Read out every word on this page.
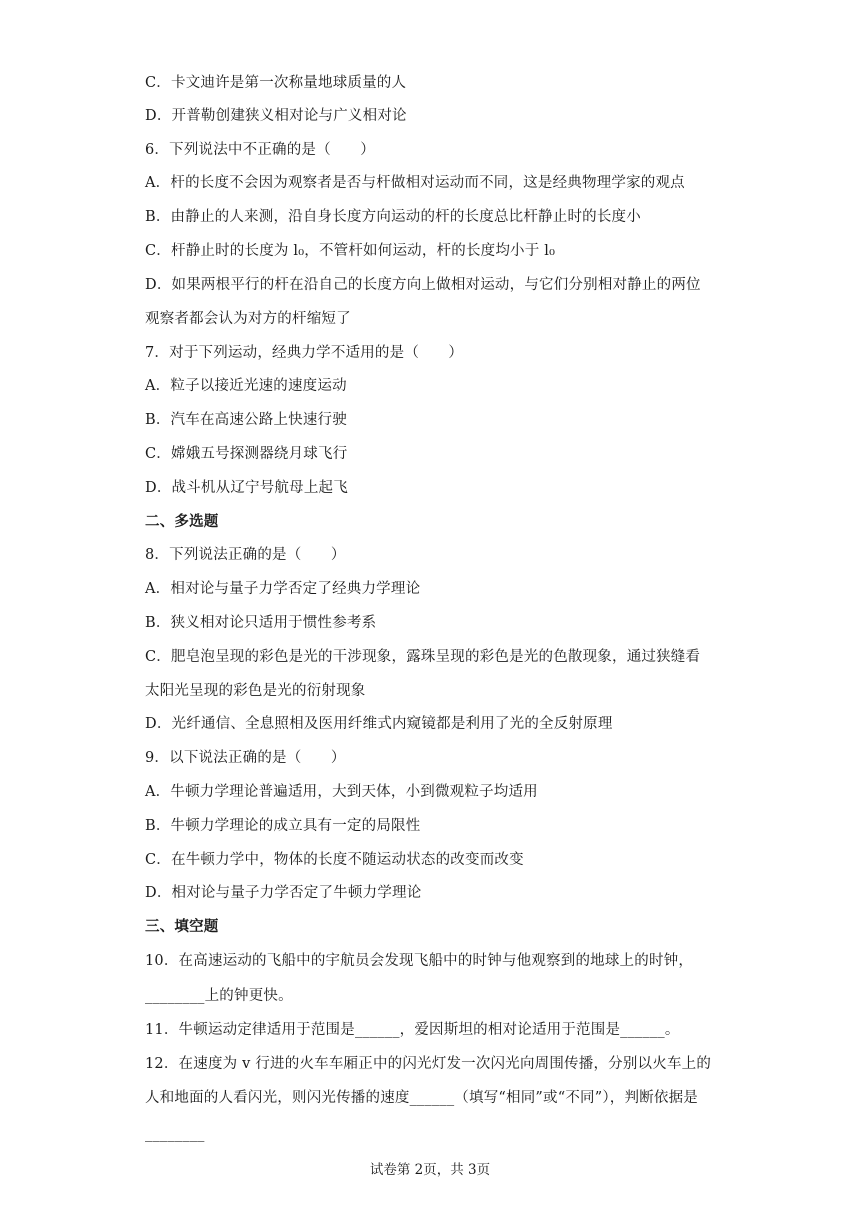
C．卡文迪许是第一次称量地球质量的人
D．开普勒创建狭义相对论与广义相对论
6．下列说法中不正确的是（　　）
A．杆的长度不会因为观察者是否与杆做相对运动而不同，这是经典物理学家的观点
B．由静止的人来测，沿自身长度方向运动的杆的长度总比杆静止时的长度小
C．杆静止时的长度为 l₀，不管杆如何运动，杆的长度均小于 l₀
D．如果两根平行的杆在沿自己的长度方向上做相对运动，与它们分别相对静止的两位
观察者都会认为对方的杆缩短了
7．对于下列运动，经典力学不适用的是（　　）
A．粒子以接近光速的速度运动
B．汽车在高速公路上快速行驶
C．嫦娥五号探测器绕月球飞行
D．战斗机从辽宁号航母上起飞
二、多选题
8．下列说法正确的是（　　）
A．相对论与量子力学否定了经典力学理论
B．狭义相对论只适用于惯性参考系
C．肥皂泡呈现的彩色是光的干涉现象，露珠呈现的彩色是光的色散现象，通过狭缝看
太阳光呈现的彩色是光的衍射现象
D．光纤通信、全息照相及医用纤维式内窥镜都是利用了光的全反射原理
9．以下说法正确的是（　　）
A．牛顿力学理论普遍适用，大到天体，小到微观粒子均适用
B．牛顿力学理论的成立具有一定的局限性
C．在牛顿力学中，物体的长度不随运动状态的改变而改变
D．相对论与量子力学否定了牛顿力学理论
三、填空题
10．在高速运动的飞船中的宇航员会发现飞船中的时钟与他观察到的地球上的时钟，
________上的钟更快。
11．牛顿运动定律适用于范围是______，爱因斯坦的相对论适用于范围是______。
12．在速度为 v 行进的火车车厢正中的闪光灯发一次闪光向周围传播，分别以火车上的
人和地面的人看闪光，则闪光传播的速度______（填写“相同”或“不同”），判断依据是
________
试卷第 2页，共 3页
